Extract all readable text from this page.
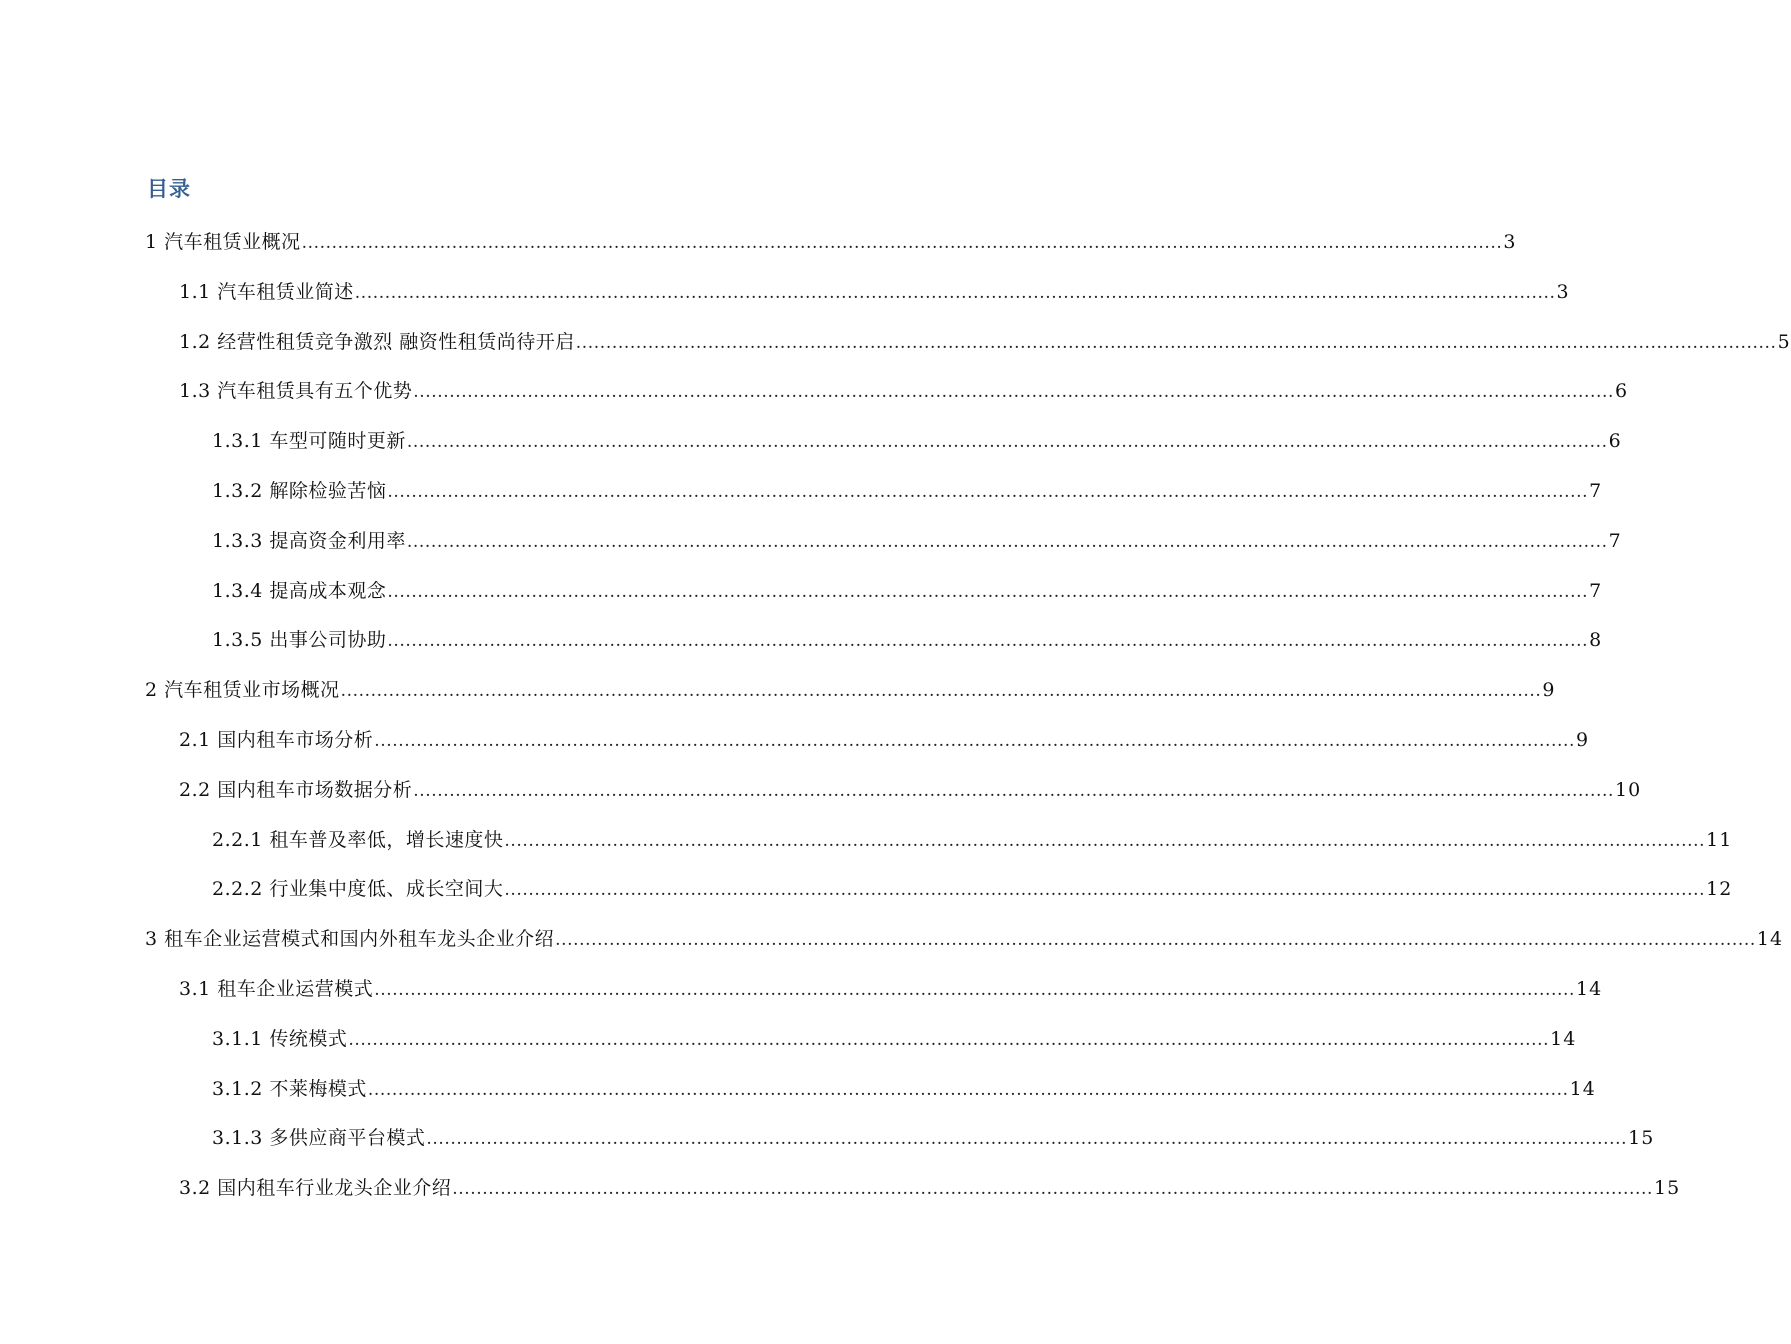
目录
1 汽车租赁业概况 ........................................................................................................................................................................................................ 3
1.1 汽车租赁业简述 ........................................................................................................................................................................................................ 3
1.2 经营性租赁竞争激烈 融资性租赁尚待开启 ........................................................................................................................................................................................................ 5
1.3 汽车租赁具有五个优势 ........................................................................................................................................................................................................ 6
1.3.1 车型可随时更新 ........................................................................................................................................................................................................ 6
1.3.2 解除检验苦恼 ........................................................................................................................................................................................................ 7
1.3.3 提高资金利用率 ........................................................................................................................................................................................................ 7
1.3.4 提高成本观念 ........................................................................................................................................................................................................ 7
1.3.5 出事公司协助 ........................................................................................................................................................................................................ 8
2 汽车租赁业市场概况 ........................................................................................................................................................................................................ 9
2.1 国内租车市场分析 ........................................................................................................................................................................................................ 9
2.2 国内租车市场数据分析 ........................................................................................................................................................................................................ 10
2.2.1 租车普及率低，增长速度快 ........................................................................................................................................................................................................ 11
2.2.2 行业集中度低、成长空间大 ........................................................................................................................................................................................................ 12
3 租车企业运营模式和国内外租车龙头企业介绍 ........................................................................................................................................................................................................ 14
3.1 租车企业运营模式 ........................................................................................................................................................................................................ 14
3.1.1 传统模式 ........................................................................................................................................................................................................ 14
3.1.2 不莱梅模式 ........................................................................................................................................................................................................ 14
3.1.3 多供应商平台模式 ........................................................................................................................................................................................................ 15
3.2 国内租车行业龙头企业介绍 ........................................................................................................................................................................................................ 15
